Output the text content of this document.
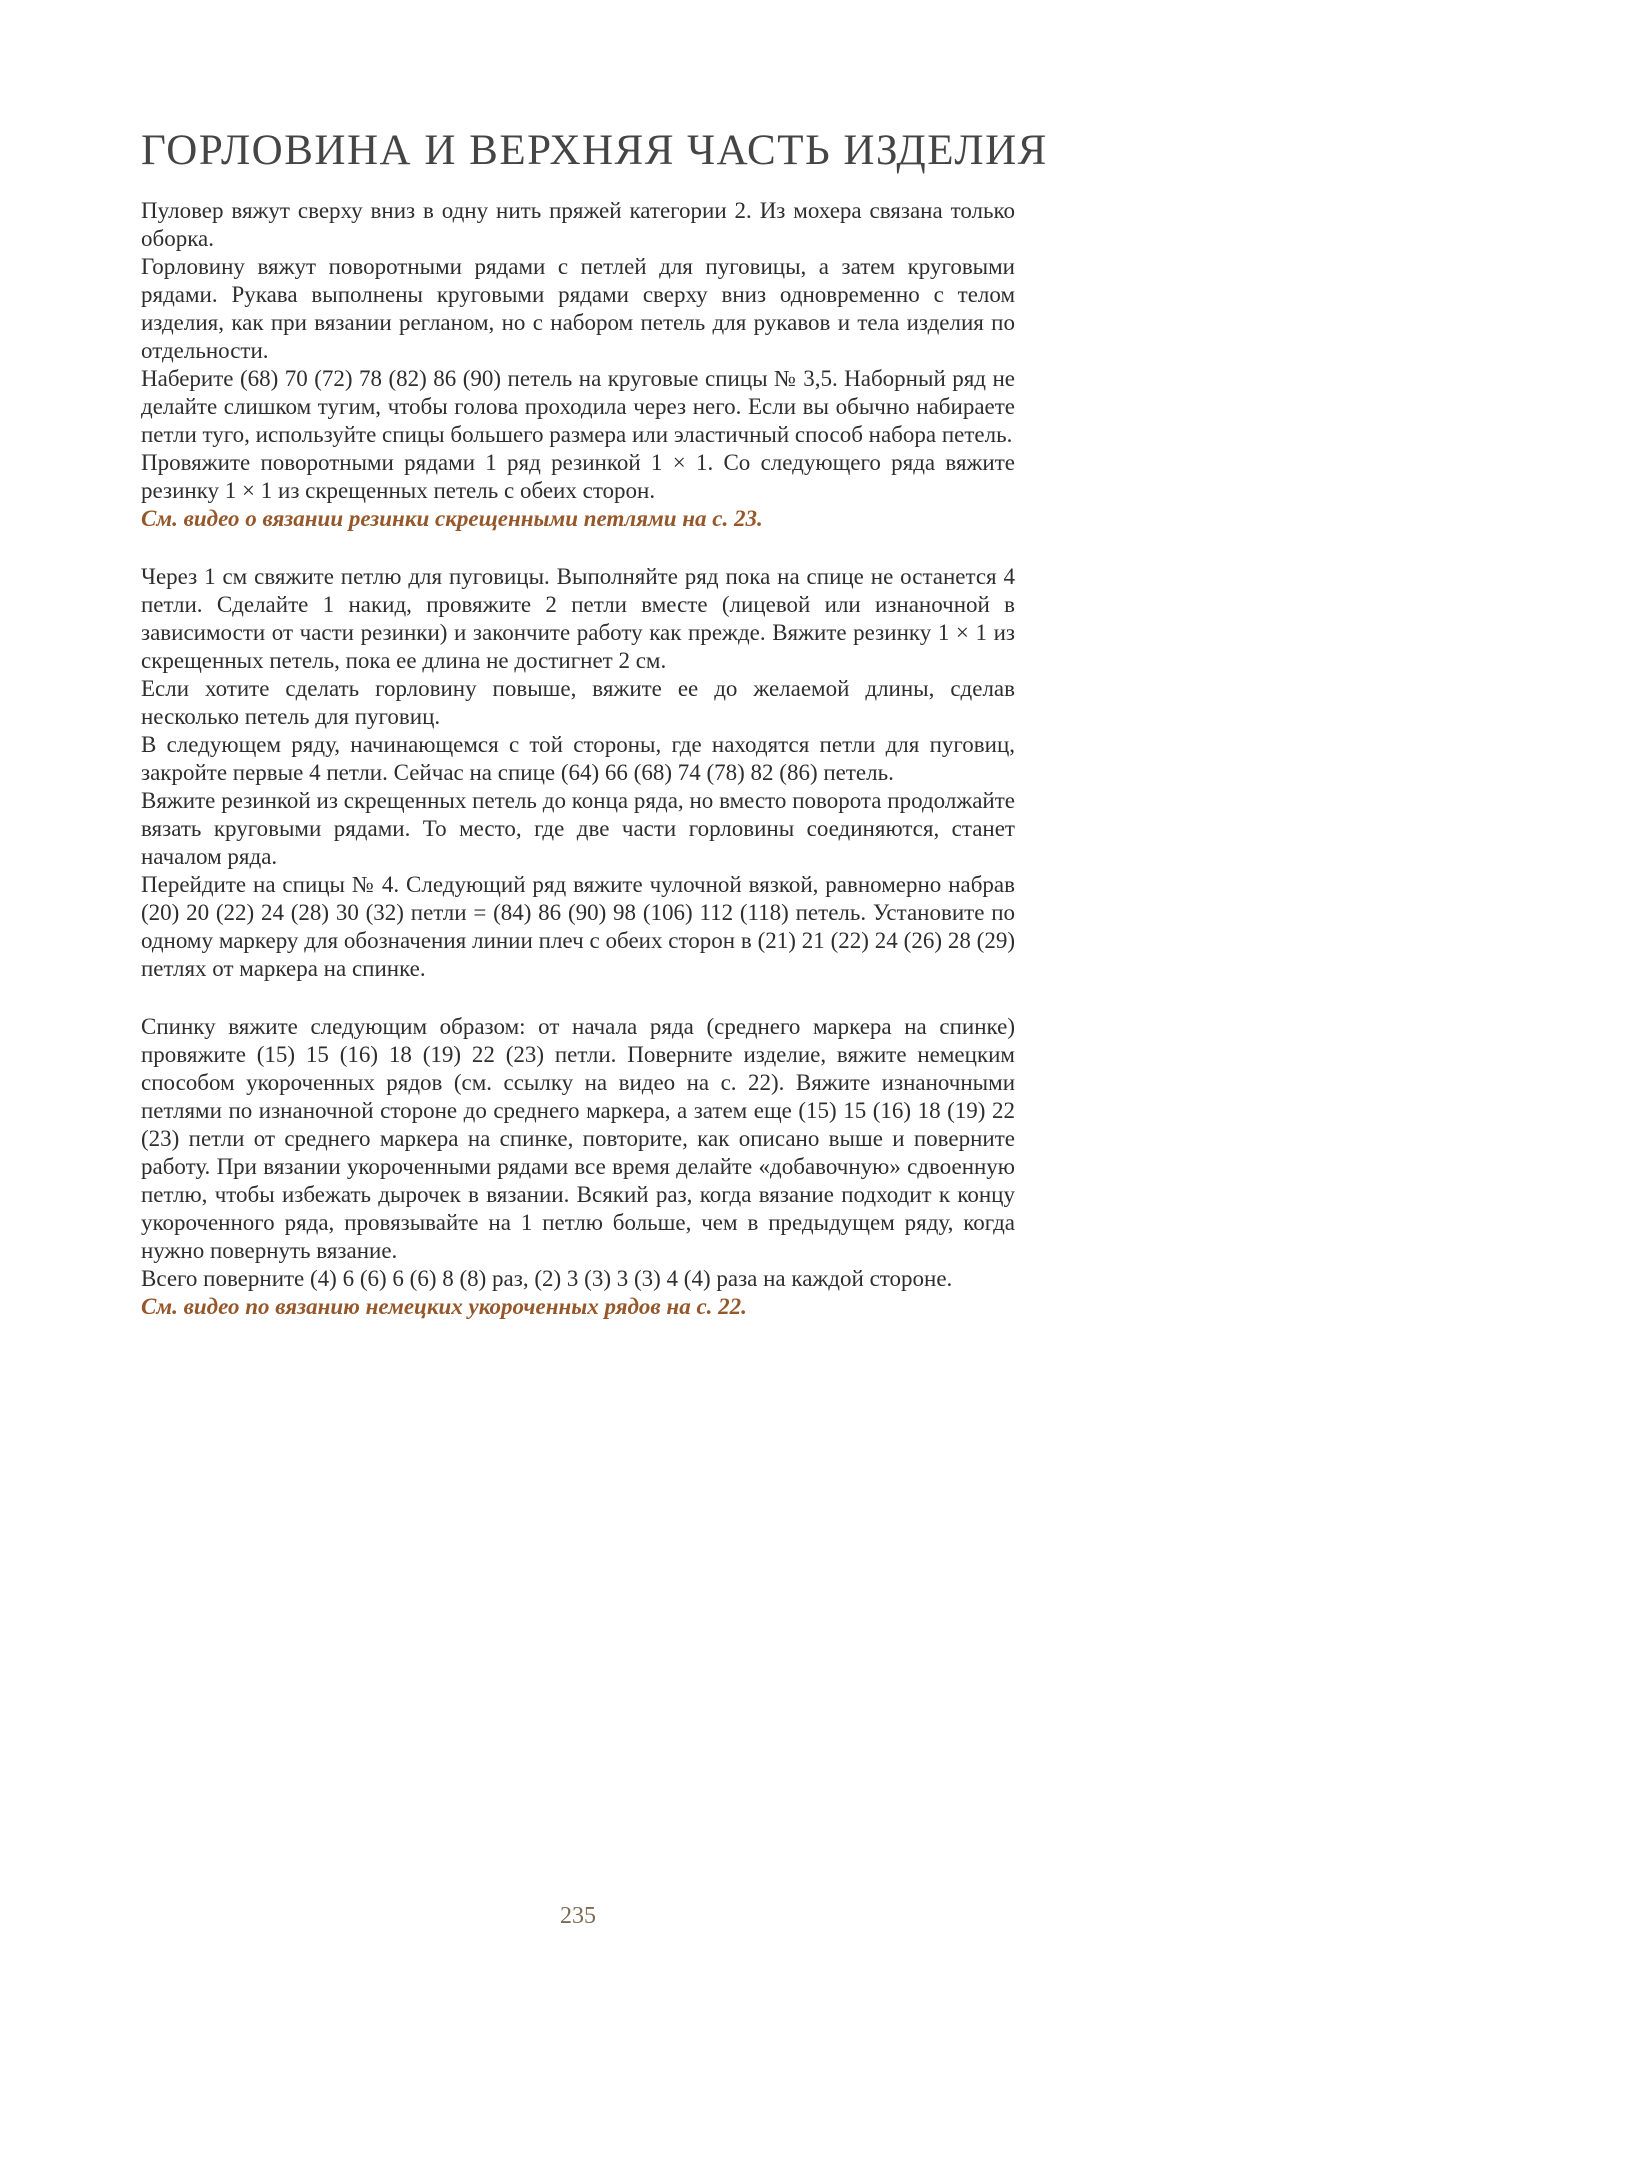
ГОРЛОВИНА И ВЕРХНЯЯ ЧАСТЬ ИЗДЕЛИЯ

Пуловер вяжут сверху вниз в одну нить пряжей категории 2. Из мохера связана только оборка.

Горловину вяжут поворотными рядами с петлей для пуговицы, а затем круговыми рядами. Рукава выполнены круговыми рядами сверху вниз одновременно с телом изделия, как при вязании регланом, но с набором петель для рукавов и тела изделия по отдельности.

Наберите (68) 70 (72) 78 (82) 86 (90) петель на круговые спицы № 3,5. Наборный ряд не делайте слишком тугим, чтобы голова проходила через него. Если вы обычно набираете петли туго, используйте спицы большего размера или эластичный способ набора петель.

Провяжите поворотными рядами 1 ряд резинкой 1 × 1. Со следующего ряда вяжите резинку 1 × 1 из скрещенных петель с обеих сторон.

См. видео о вязании резинки скрещенными петлями на с. 23.

Через 1 см свяжите петлю для пуговицы. Выполняйте ряд пока на спице не останется 4 петли. Сделайте 1 накид, провяжите 2 петли вместе (лицевой или изнаночной в зависимости от части резинки) и закончите работу как прежде. Вяжите резинку 1 × 1 из скрещенных петель, пока ее длина не достигнет 2 см.

Если хотите сделать горловину повыше, вяжите ее до желаемой длины, сделав несколько петель для пуговиц.

В следующем ряду, начинающемся с той стороны, где находятся петли для пуговиц, закройте первые 4 петли. Сейчас на спице (64) 66 (68) 74 (78) 82 (86) петель.

Вяжите резинкой из скрещенных петель до конца ряда, но вместо поворота продолжайте вязать круговыми рядами. То место, где две части горловины соединяются, станет началом ряда.

Перейдите на спицы № 4. Следующий ряд вяжите чулочной вязкой, равномерно набрав (20) 20 (22) 24 (28) 30 (32) петли = (84) 86 (90) 98 (106) 112 (118) петель. Установите по одному маркеру для обозначения линии плеч с обеих сторон в (21) 21 (22) 24 (26) 28 (29) петлях от маркера на спинке.

Спинку вяжите следующим образом: от начала ряда (среднего маркера на спинке) провяжите (15) 15 (16) 18 (19) 22 (23) петли. Поверните изделие, вяжите немецким способом укороченных рядов (см. ссылку на видео на с. 22). Вяжите изнаночными петлями по изнаночной стороне до среднего маркера, а затем еще (15) 15 (16) 18 (19) 22 (23) петли от среднего маркера на спинке, повторите, как описано выше и поверните работу. При вязании укороченными рядами все время делайте «добавочную» сдвоенную петлю, чтобы избежать дырочек в вязании. Всякий раз, когда вязание подходит к концу укороченного ряда, провязывайте на 1 петлю больше, чем в предыдущем ряду, когда нужно повернуть вязание.

Всего поверните (4) 6 (6) 6 (6) 8 (8) раз, (2) 3 (3) 3 (3) 4 (4) раза на каждой стороне.

См. видео по вязанию немецких укороченных рядов на с. 22.

235
